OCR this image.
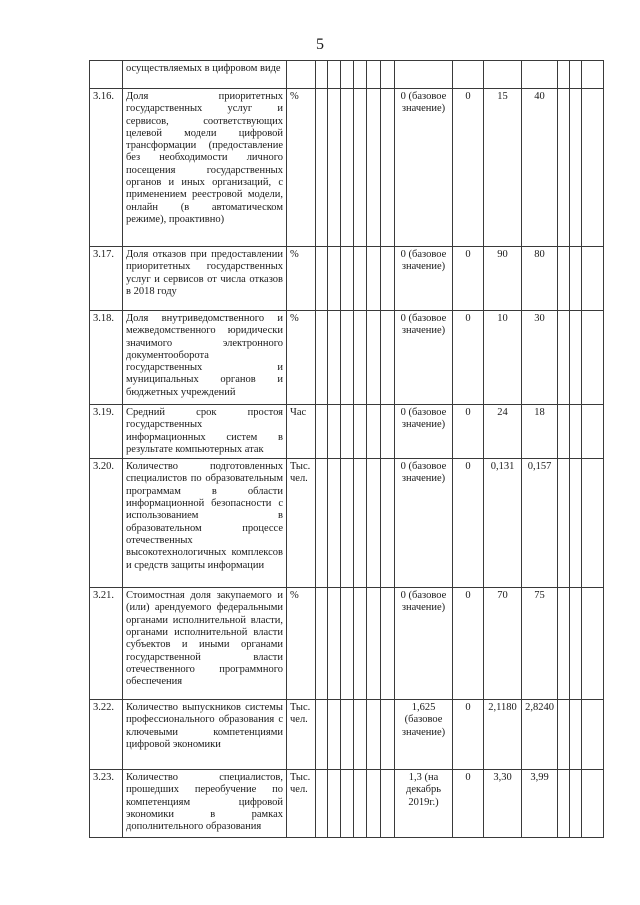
5
	осуществляемых в цифровом виде														
3.16.	Доля приоритетных государственных услуг и сервисов, соответствующих целевой модели цифровой трансформации (предоставление без необходимости личного посещения государственных органов и иных организаций, с применением реестровой модели, онлайн (в автоматическом режиме), проактивно)	%							0 (базовое значение)	0	15	40			
3.17.	Доля отказов при предоставлении приоритетных государственных услуг и сервисов от числа отказов в 2018 году	%							0 (базовое значение)	0	90	80			
3.18.	Доля внутриведомственного и межведомственного юридически значимого электронного документооборота государственных и муниципальных органов и бюджетных учреждений	%							0 (базовое значение)	0	10	30			
3.19.	Средний срок простоя государственных информационных систем в результате компьютерных атак	Час							0 (базовое значение)	0	24	18			
3.20.	Количество подготовленных специалистов по образовательным программам в области информационной безопасности с использованием в образовательном процессе отечественных высокотехнологичных комплексов и средств защиты информации	Тыс. чел.							0 (базовое значение)	0	0,131	0,157			
3.21.	Стоимостная доля закупаемого и (или) арендуемого федеральными органами исполнительной власти, органами исполнительной власти субъектов и иными органами государственной власти отечественного программного обеспечения	%							0 (базовое значение)	0	70	75			
3.22.	Количество выпускников системы профессионального образования с ключевыми компетенциями цифровой экономики	Тыс. чел.							1,625 (базовое значение)	0	2,1180	2,8240			
3.23.	Количество специалистов, прошедших переобучение по компетенциям цифровой экономики в рамках дополнительного образования	Тыс. чел.							1,3 (на декабрь 2019г.)	0	3,30	3,99			
